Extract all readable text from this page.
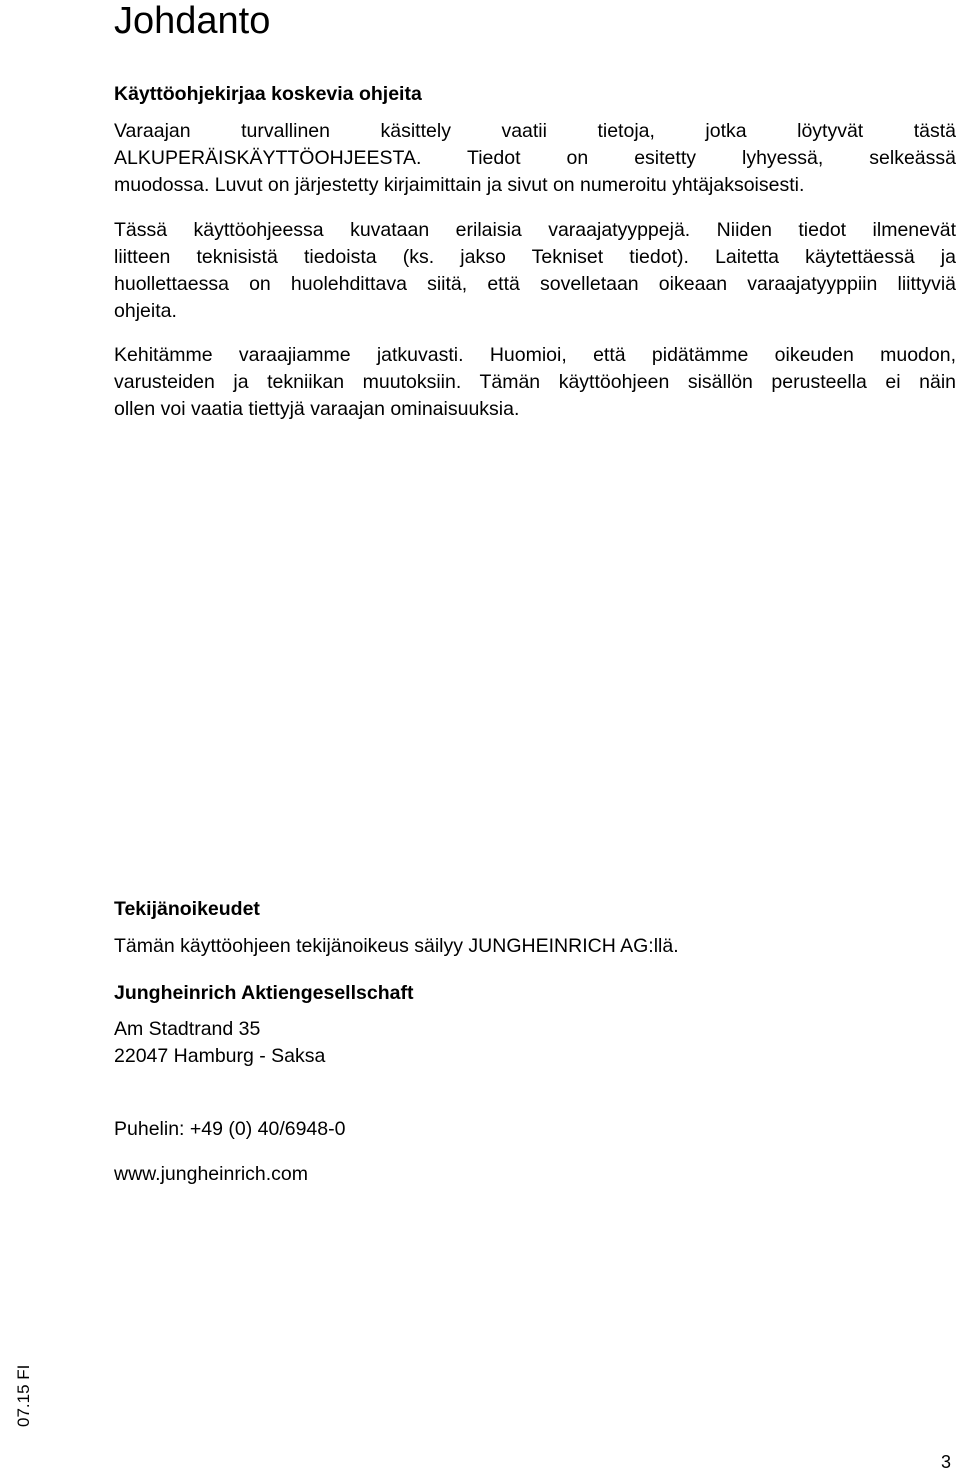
Johdanto
Käyttöohjekirjaa koskevia ohjeita
Varaajan turvallinen käsittely vaatii tietoja, jotka löytyvät tästä
ALKUPERÄISKÄYTTÖOHJEESTA. Tiedot on esitetty lyhyessä, selkeässä
muodossa. Luvut on järjestetty kirjaimittain ja sivut on numeroitu yhtäjaksoisesti.
Tässä käyttöohjeessa kuvataan erilaisia varaajatyyppejä. Niiden tiedot ilmenevät
liitteen teknisistä tiedoista (ks. jakso Tekniset tiedot). Laitetta käytettäessä ja
huollettaessa on huolehdittava siitä, että sovelletaan oikeaan varaajatyyppiin liittyviä
ohjeita.
Kehitämme varaajiamme jatkuvasti. Huomioi, että pidätämme oikeuden muodon,
varusteiden ja tekniikan muutoksiin. Tämän käyttöohjeen sisällön perusteella ei näin
ollen voi vaatia tiettyjä varaajan ominaisuuksia.
Tekijänoikeudet

Tämän käyttöohjeen tekijänoikeus säilyy JUNGHEINRICH AG:llä.

Jungheinrich Aktiengesellschaft

Am Stadtrand 35

22047 Hamburg - Saksa

Puhelin: +49 (0) 40/6948-0

www.jungheinrich.com

07.15 FI
3
